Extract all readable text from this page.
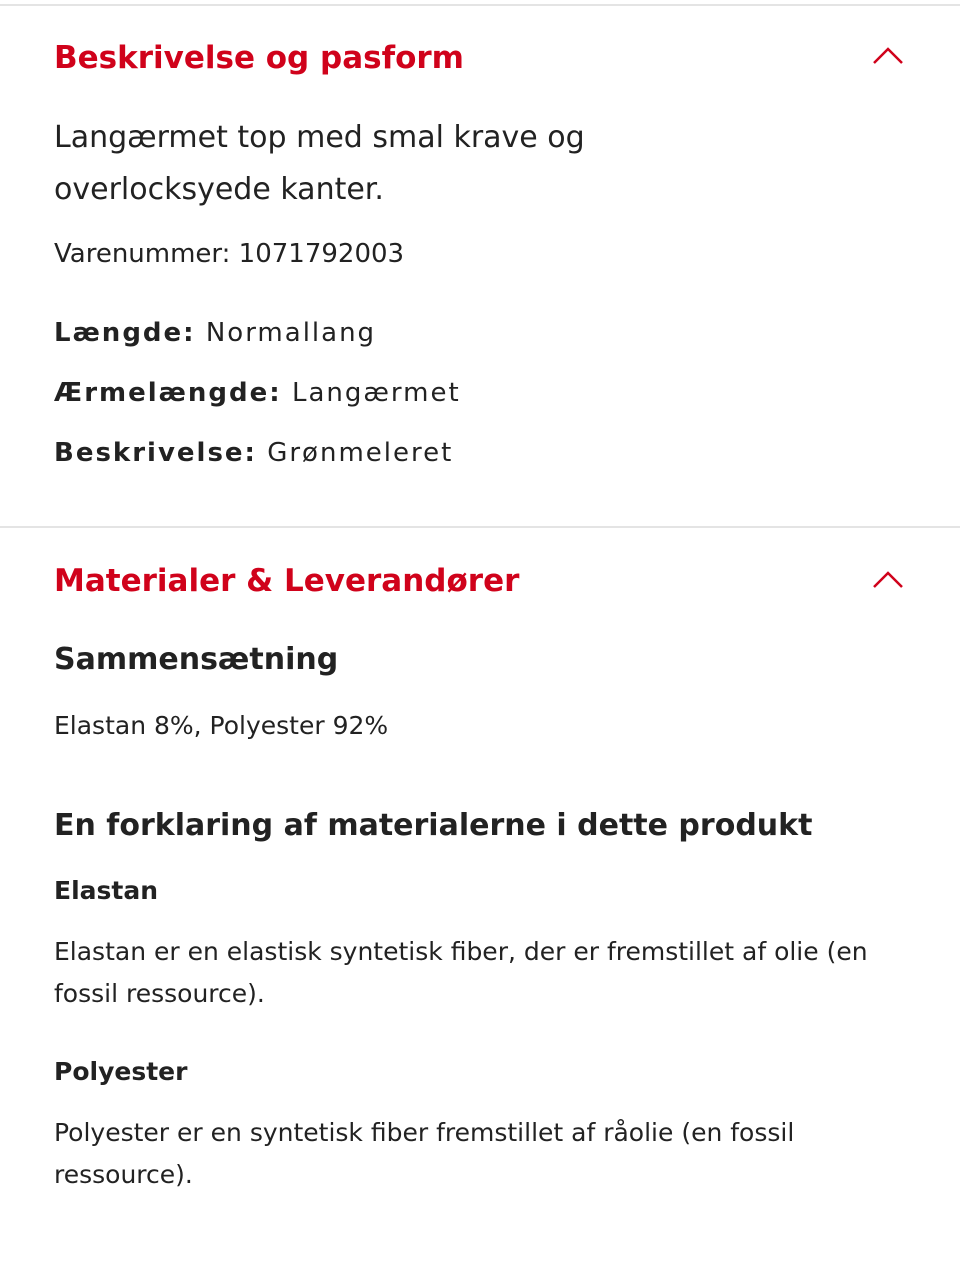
Beskrivelse og pasform
Langærmet top med smal krave og overlocksyede kanter.
Varenummer: 1071792003
Længde: Normallang
Ærmelængde: Langærmet
Beskrivelse: Grønmeleret
Materialer & Leverandører
Sammensætning
Elastan 8%, Polyester 92%
En forklaring af materialerne i dette produkt
Elastan
Elastan er en elastisk syntetisk fiber, der er fremstillet af olie (en fossil ressource).
Polyester
Polyester er en syntetisk fiber fremstillet af råolie (en fossil ressource).
